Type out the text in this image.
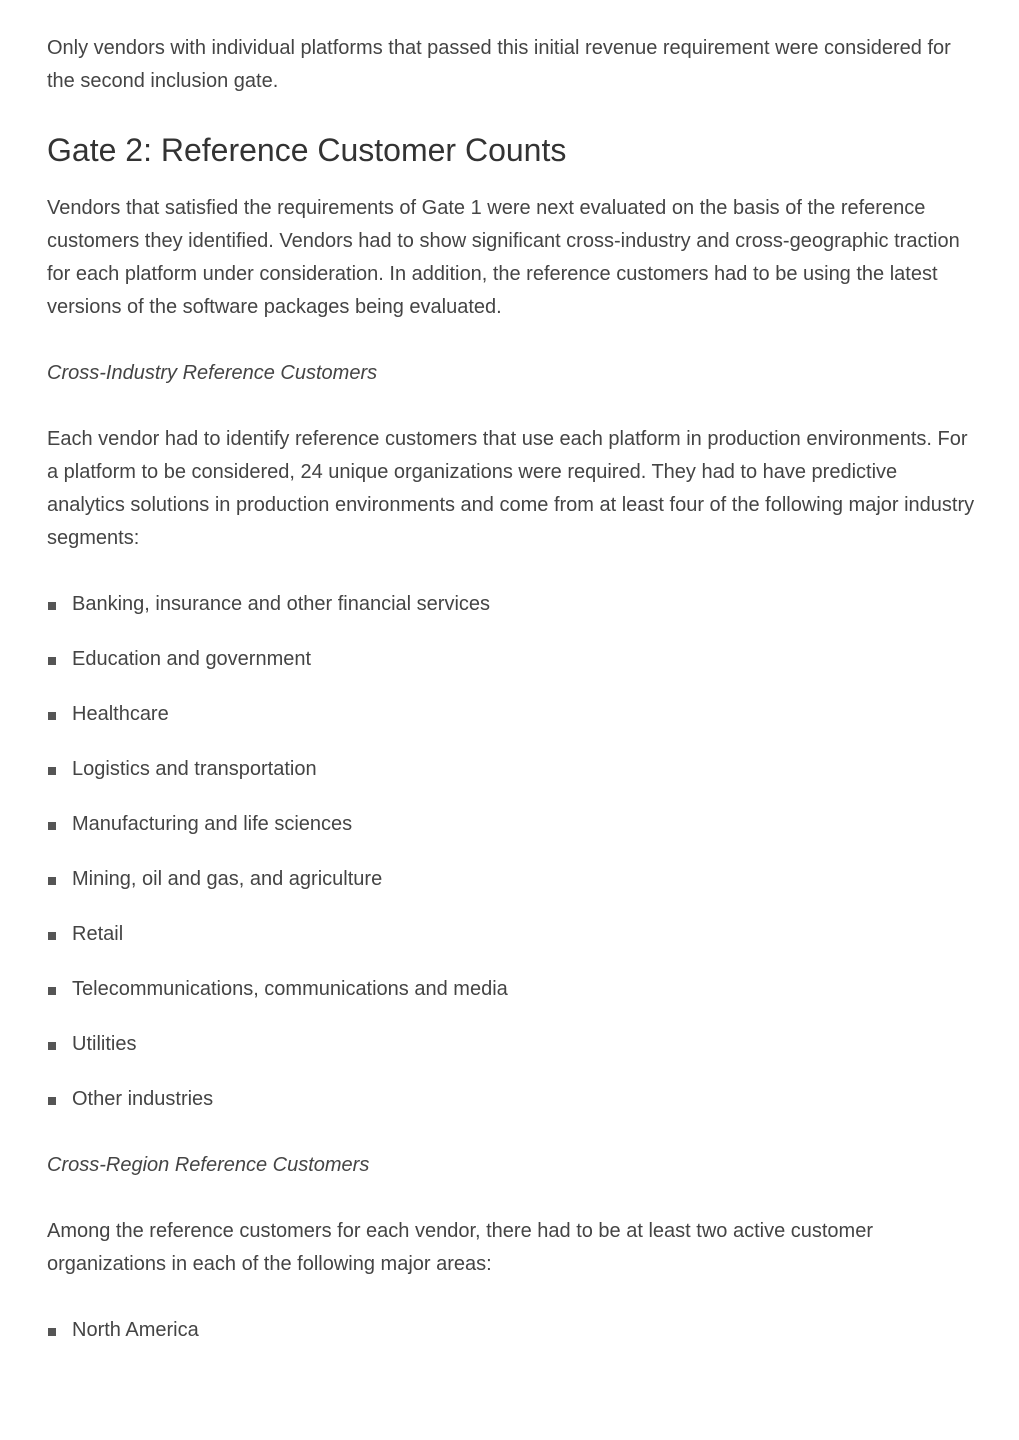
Only vendors with individual platforms that passed this initial revenue requirement were considered for the second inclusion gate.

Gate 2: Reference Customer Counts

Vendors that satisfied the requirements of Gate 1 were next evaluated on the basis of the reference customers they identified. Vendors had to show significant cross-industry and cross-geographic traction for each platform under consideration. In addition, the reference customers had to be using the latest versions of the software packages being evaluated.

Cross-Industry Reference Customers

Each vendor had to identify reference customers that use each platform in production environments. For a platform to be considered, 24 unique organizations were required. They had to have predictive analytics solutions in production environments and come from at least four of the following major industry segments:

Banking, insurance and other financial services
Education and government
Healthcare
Logistics and transportation
Manufacturing and life sciences
Mining, oil and gas, and agriculture
Retail
Telecommunications, communications and media
Utilities
Other industries

Cross-Region Reference Customers

Among the reference customers for each vendor, there had to be at least two active customer organizations in each of the following major areas:

North America
